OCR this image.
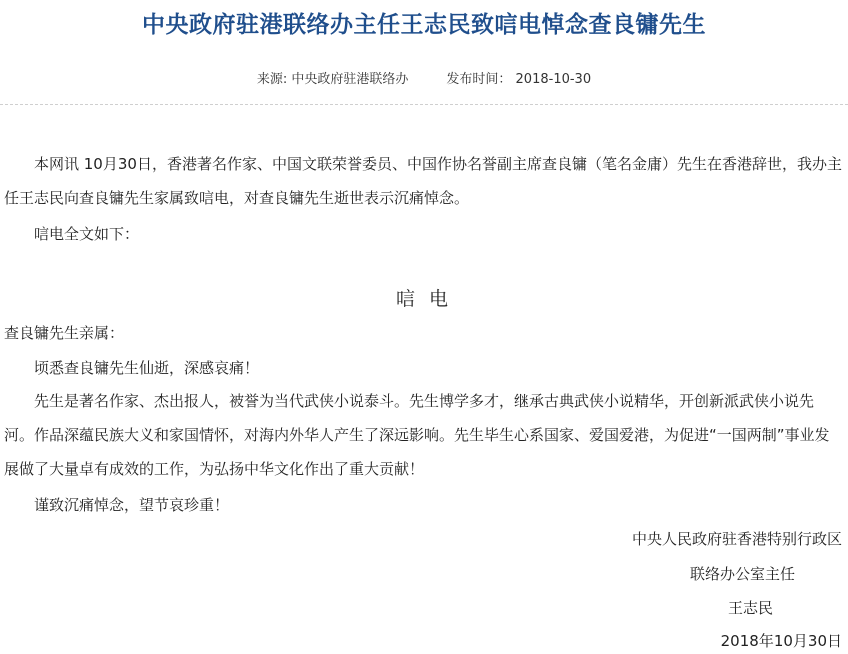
中央政府驻港联络办主任王志民致唁电悼念查良镛先生
来源: 中央政府驻港联络办	发布时间： 2018-10-30
本网讯 10月30日，香港著名作家、中国文联荣誉委员、中国作协名誉副主席查良镛（笔名金庸）先生在香港辞世，我办主任王志民向查良镛先生家属致唁电，对查良镛先生逝世表示沉痛悼念。
唁电全文如下：
唁 电
查良镛先生亲属：
顷悉查良镛先生仙逝，深感哀痛！
先生是著名作家、杰出报人，被誉为当代武侠小说泰斗。先生博学多才，继承古典武侠小说精华，开创新派武侠小说先河。作品深蕴民族大义和家国情怀，对海内外华人产生了深远影响。先生毕生心系国家、爱国爱港，为促进“一国两制”事业发展做了大量卓有成效的工作，为弘扬中华文化作出了重大贡献！
谨致沉痛悼念，望节哀珍重！
中央人民政府驻香港特别行政区
联络办公室主任
王志民
2018年10月30日
